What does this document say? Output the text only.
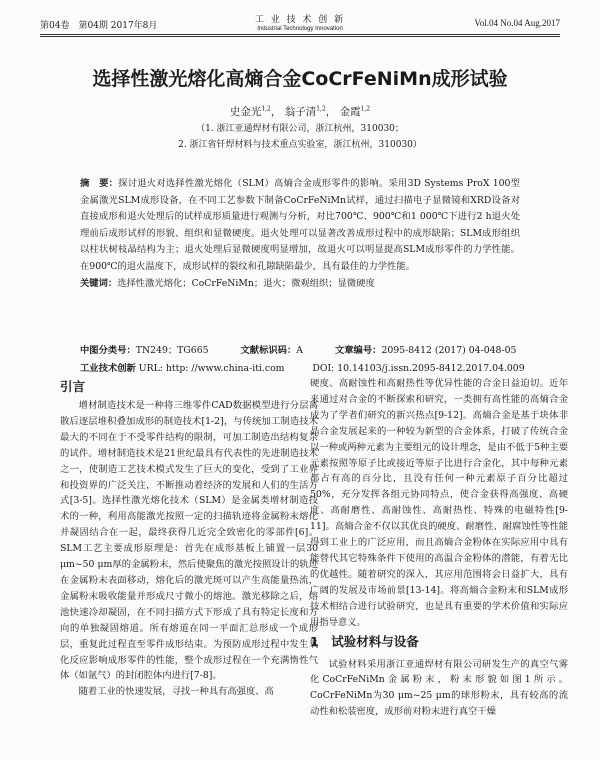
第04卷　第04期 2017年8月
工 业 技 术 创 新
Industrial Technology Innovation
Vol.04 No.04 Aug.2017
选择性激光熔化高熵合金CoCrFeNiMn成形试验
史金光$^{1,2}$， 翁子清$^{1,2}$， 金霞$^{1,2}$
（1. 浙江亚通焊材有限公司，浙江杭州，310030；
2. 浙江省钎焊材料与技术重点实验室，浙江杭州，310030）
摘　要：探讨退火对选择性激光熔化（SLM）高熵合金成形零件的影响。采用3D Systems ProX 100型金属激光SLM成形设备，在不同工艺参数下制备CoCrFeNiMn试样，通过扫描电子显微镜和XRD设备对直接成形和退火处理后的试样成形质量进行观测与分析，对比700℃、900℃和1 000℃下进行2 h退火处理前后成形试样的形貌、组织和显微硬度。退火处理可以显著改善成形过程中的成形缺陷；SLM成形组织以柱状树枝晶结构为主；退火处理后显微硬度明显增加，故退火可以明显提高SLM成形零件的力学性能。在900℃的退火温度下，成形试样的裂纹和孔隙缺陷最少，具有最佳的力学性能。
关键词：选择性激光熔化；CoCrFeNiMn；退火；微观组织；显微硬度
中图分类号：TN249；TG665	文献标识码：A	文章编号：2095-8412 (2017) 04-048-05
工业技术创新 URL: http: //www.china-iti.com	DOI: 10.14103/j.issn.2095-8412.2017.04.009
引言

增材制造技术是一种将三维零件CAD数据模型进行分层离散后逐层堆积叠加成形的制造技术[1-2]，与传统加工制造技术最大的不同在于不受零件结构的限制，可加工制造出结构复杂的试件。增材制造技术是21世纪最具有代表性的先进制造技术之一，使制造工艺技术模式发生了巨大的变化，受到了工业界和投资界的广泛关注，不断推动着经济的发展和人们的生活方式[3-5]。选择性激光熔化技术（SLM）是金属类增材制造技术的一种，利用高能激光按照一定的扫描轨迹将金属粉末熔化并凝固结合在一起，最终获得几近完全致密化的零部件[6]。SLM工艺主要成形原理是：首先在成形基板上铺置一层30 μm~50 μm厚的金属粉末，然后使聚焦的激光按照设计的轨迹在金属粉末表面移动，熔化后的激光斑可以产生高能量热流，金属粉末吸收能量并形成尺寸微小的熔池。激光移除之后，熔池快速冷却凝固，在不同扫描方式下形成了具有特定长度和方向的单独凝固熔道。所有熔道在同一平面汇总形成一个成形层，重复此过程直至零件成形结束。为预防成形过程中发生氧化反应影响成形零件的性能，整个成形过程在一个充满惰性气体（如氩气）的封闭腔体内进行[7-8]。

随着工业的快速发展，寻找一种具有高强度、高

硬度、高耐蚀性和高耐热性等优异性能的合金日益迫切。近年来通过对合金的不断探索和研究，一类拥有高性能的高熵合金成为了学者们研究的新兴热点[9-12]。高熵合金是基于块体非晶合金发展起来的一种较为新型的合金体系，打破了传统合金以一种或两种元素为主要组元的设计理念，是由不低于5种主要元素按照等原子比或接近等原子比进行合金化，其中每种元素都占有高的百分比，且没有任何一种元素原子百分比超过50%，充分发挥各组元协同特点，使合金获得高强度、高硬度、高耐磨性、高耐蚀性、高耐热性、特殊的电磁特性[9-11]。高熵合金不仅以其优良的硬度、耐磨性、耐腐蚀性等性能得到工业上的广泛应用，而且高熵合金粉体在实际应用中具有能替代其它特殊条件下使用的高温合金粉体的潜能，有着无比的优越性。随着研究的深入，其应用范围将会日益扩大，具有广阔的发展及市场前景[13-14]。将高熵合金粉末和SLM成形技术相结合进行试验研究，也是具有重要的学术价值和实际应用指导意义。

1　试验材料与设备

试验材料采用浙江亚通焊材有限公司研发生产的真空气雾化CoCrFeNiMn金属粉末，粉末形貌如图1所示。CoCrFeNiMn为30 μm~25 μm的球形粉末，具有较高的流动性和松装密度，成形前对粉末进行真空干燥
